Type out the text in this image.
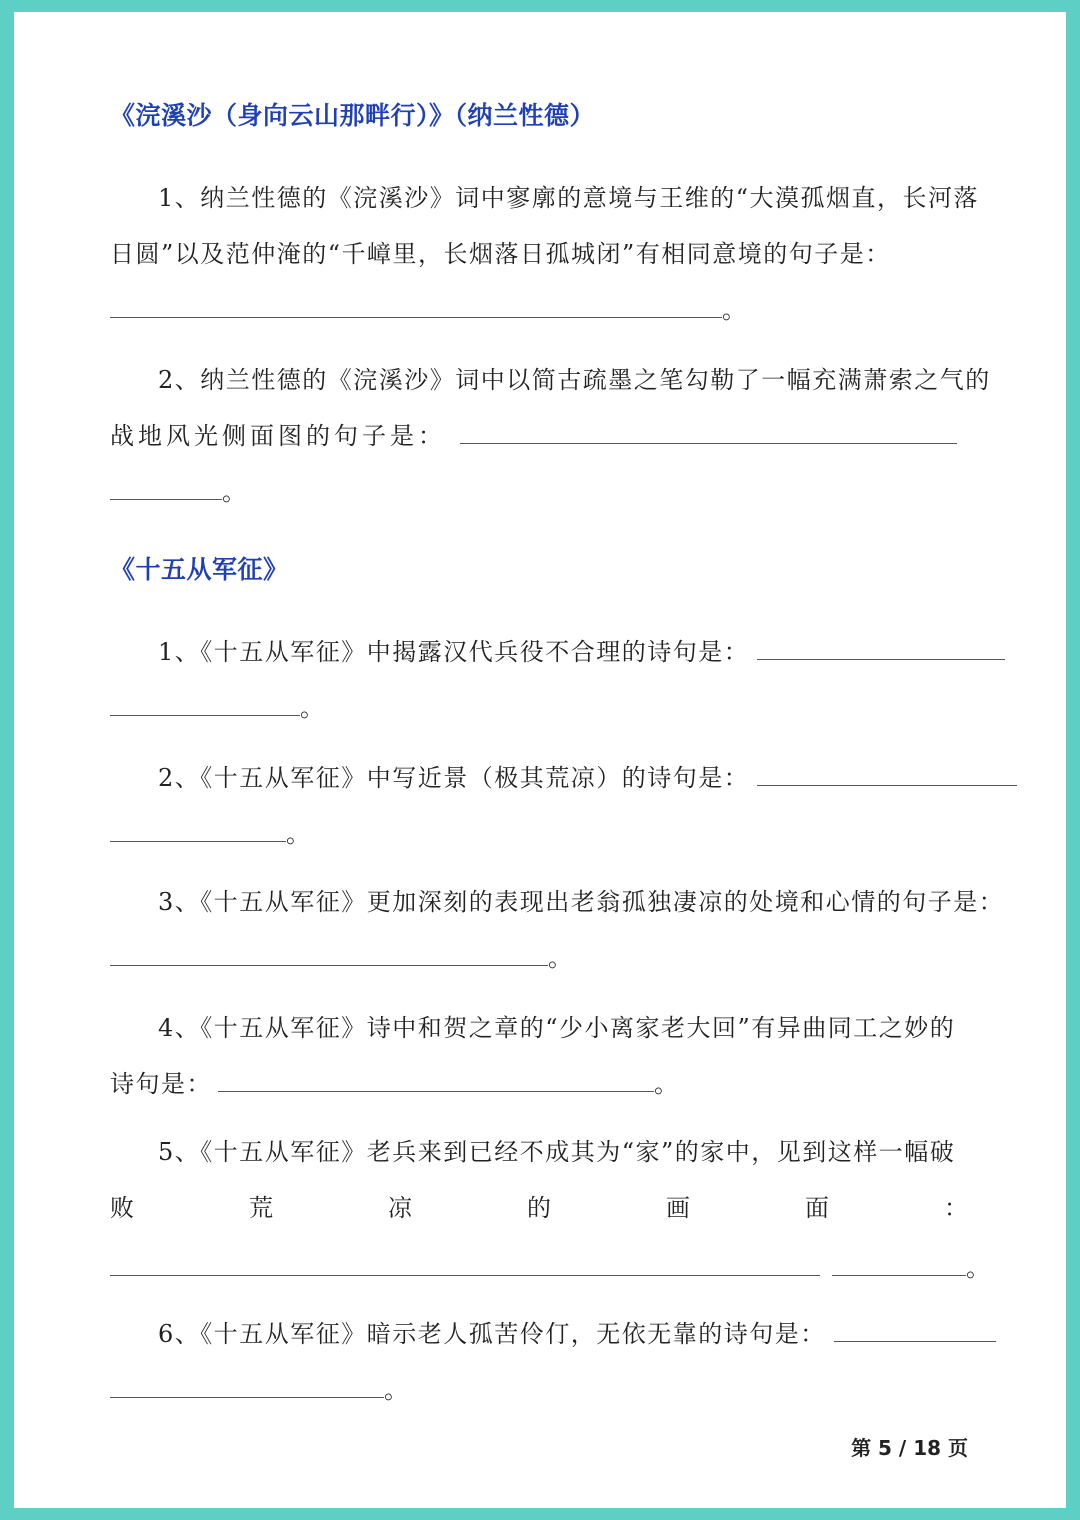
《浣溪沙（身向云山那畔行）》（纳兰性德）
1、纳兰性德的《浣溪沙》词中寥廓的意境与王维的“大漠孤烟直，长河落
日圆”以及范仲淹的“千嶂里，长烟落日孤城闭”有相同意境的句子是：
。
2、纳兰性德的《浣溪沙》词中以简古疏墨之笔勾勒了一幅充满萧索之气的
战地风光侧面图的句子是：
。
《十五从军征》
1、《十五从军征》中揭露汉代兵役不合理的诗句是：
。
2、《十五从军征》中写近景（极其荒凉）的诗句是：
。
3、《十五从军征》更加深刻的表现出老翁孤独凄凉的处境和心情的句子是：
。
4、《十五从军征》诗中和贺之章的“少小离家老大回”有异曲同工之妙的
诗句是：	。
5、《十五从军征》老兵来到已经不成其为“家”的家中，见到这样一幅破
败	荒	凉	的	画	面	：
。
6、《十五从军征》暗示老人孤苦伶仃，无依无靠的诗句是：
。
第 5 / 18 页
